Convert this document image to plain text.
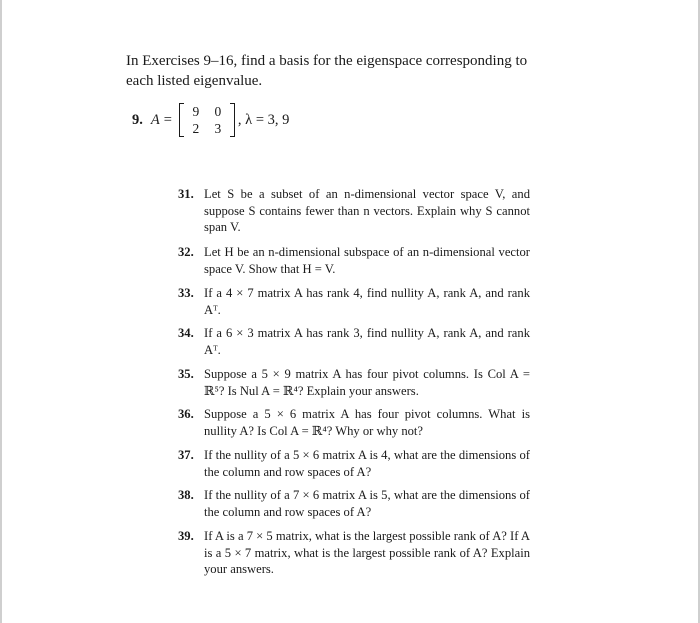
In Exercises 9–16, find a basis for the eigenspace corresponding to each listed eigenvalue.
9. A =	9	0
2	3
, λ = 3, 9
31. Let S be a subset of an n-dimensional vector space V, and suppose S contains fewer than n vectors. Explain why S cannot span V.
32. Let H be an n-dimensional subspace of an n-dimensional vector space V. Show that H = V.
33. If a 4 × 7 matrix A has rank 4, find nullity A, rank A, and rank Aᵀ.
34. If a 6 × 3 matrix A has rank 3, find nullity A, rank A, and rank Aᵀ.
35. Suppose a 5 × 9 matrix A has four pivot columns. Is Col A = ℝ⁵? Is Nul A = ℝ⁴? Explain your answers.
36. Suppose a 5 × 6 matrix A has four pivot columns. What is nullity A? Is Col A = ℝ⁴? Why or why not?
37. If the nullity of a 5 × 6 matrix A is 4, what are the dimensions of the column and row spaces of A?
38. If the nullity of a 7 × 6 matrix A is 5, what are the dimensions of the column and row spaces of A?
39. If A is a 7 × 5 matrix, what is the largest possible rank of A? If A is a 5 × 7 matrix, what is the largest possible rank of A? Explain your answers.
